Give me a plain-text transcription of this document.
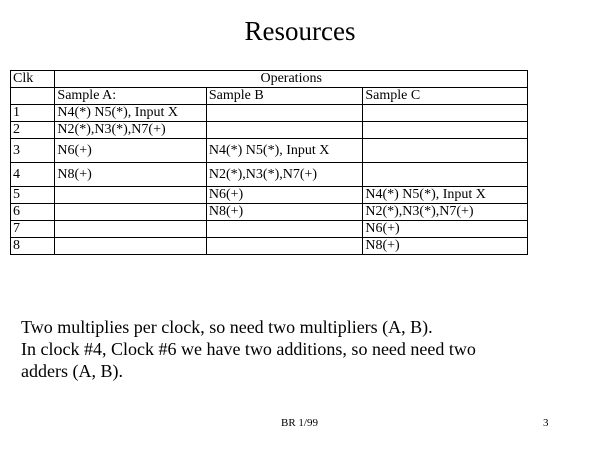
Resources
Clk	Operations		
	Sample A:	Sample B	Sample C
1	N4(*) N5(*), Input X		
2	N2(*),N3(*),N7(+)		
3	N6(+)	N4(*) N5(*), Input X	
4	N8(+)	N2(*),N3(*),N7(+)	
5		N6(+)	N4(*) N5(*), Input X
6		N8(+)	N2(*),N3(*),N7(+)
7			N6(+)
8			N8(+)
Two multiplies per clock, so need two multipliers (A, B).
In clock #4, Clock #6 we have two additions, so need need two
adders (A, B).
BR 1/99	3
